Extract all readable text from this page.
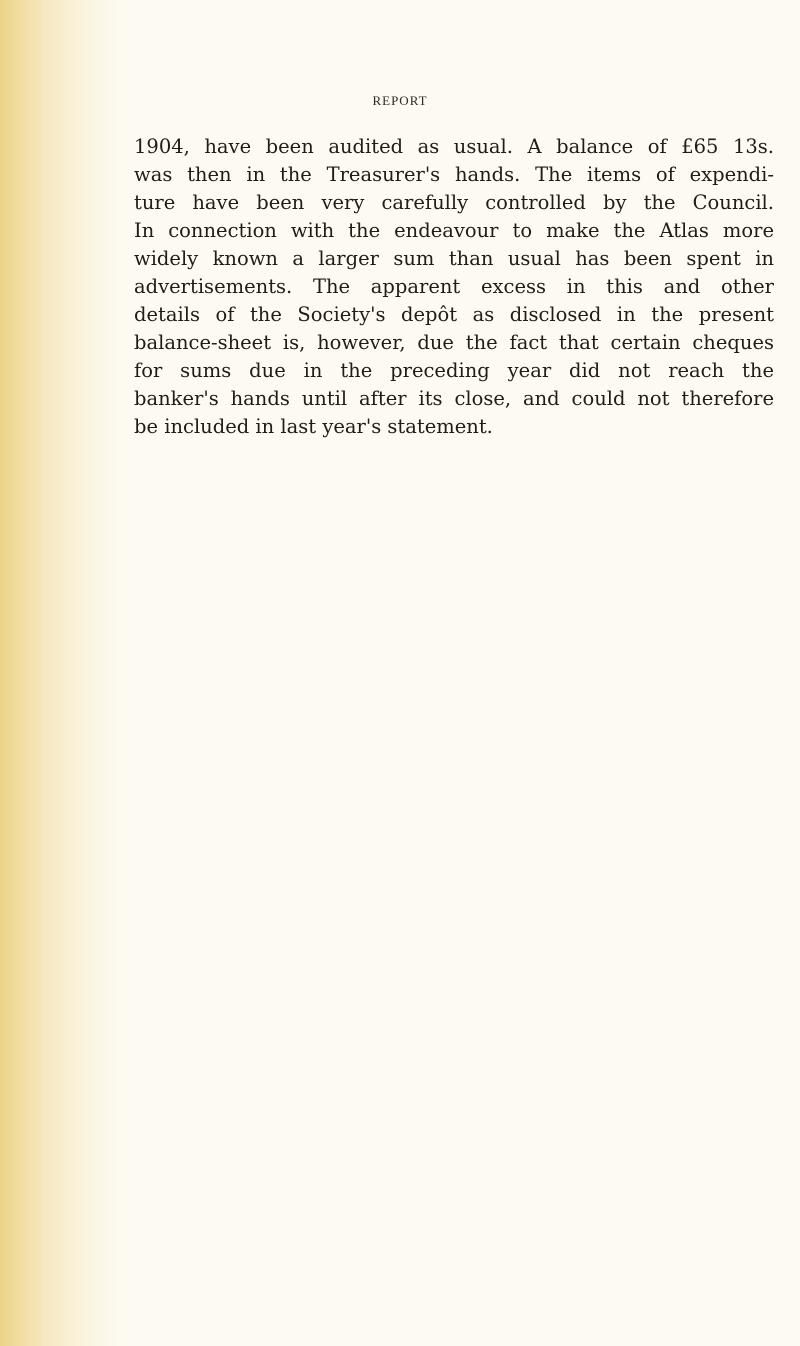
REPORT
1904, have been audited as usual. A balance of £65 13s.
was then in the Treasurer's hands. The items of expendi-
ture have been very carefully controlled by the Council.
In connection with the endeavour to make the Atlas more
widely known a larger sum than usual has been spent in
advertisements. The apparent excess in this and other
details of the Society's depôt as disclosed in the present
balance-sheet is, however, due the fact that certain cheques
for sums due in the preceding year did not reach the
banker's hands until after its close, and could not therefore
be included in last year's statement.
